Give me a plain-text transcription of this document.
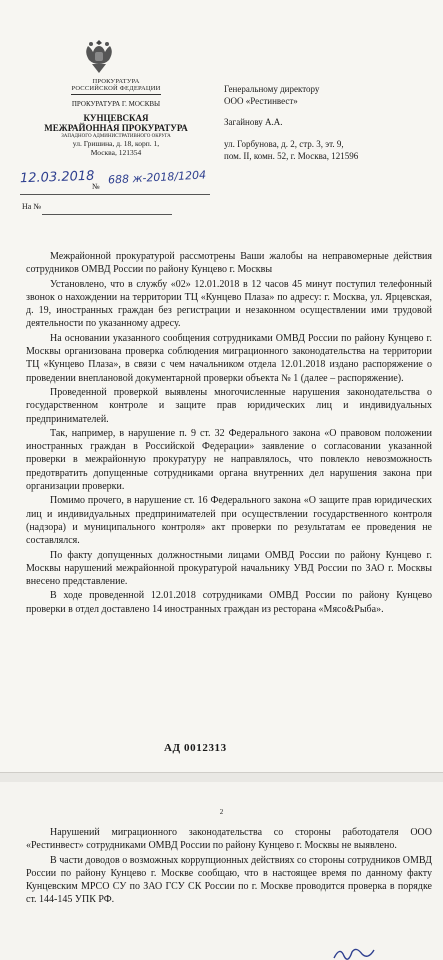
ПРОКУРАТУРА
РОССИЙСКОЙ ФЕДЕРАЦИИ
ПРОКУРАТУРА Г. МОСКВЫ
КУНЦЕВСКАЯ
МЕЖРАЙОННАЯ ПРОКУРАТУРА
ЗАПАДНОГО АДМИНИСТРАТИВНОГО ОКРУГА
ул. Гришина, д. 18, корп. 1,
Москва, 121354
12.03.2018
№ 688 ж-2018/1204
На №
Генеральному директору
ООО «Рестинвест»
Загайнову А.А.
ул. Горбунова, д. 2, стр. 3, эт. 9,
пом. II, комн. 52, г. Москва, 121596

Межрайонной прокуратурой рассмотрены Ваши жалобы на неправомерные действия сотрудников ОМВД России по району Кунцево г. Москвы

Установлено, что в службу «02» 12.01.2018 в 12 часов 45 минут поступил телефонный звонок о нахождении на территории ТЦ «Кунцево Плаза» по адресу: г. Москва, ул. Ярцевская, д. 19, иностранных граждан без регистрации и незаконном осуществлении ими трудовой деятельности по указанному адресу.

На основании указанного сообщения сотрудниками ОМВД России по району Кунцево г. Москвы организована проверка соблюдения миграционного законодательства на территории ТЦ «Кунцево Плаза», в связи с чем начальником отдела 12.01.2018 издано распоряжение о проведении внеплановой документарной проверки объекта № 1 (далее – распоряжение).

Проведенной проверкой выявлены многочисленные нарушения законодательства о государственном контроле и защите прав юридических лиц и индивидуальных предпринимателей.

Так, например, в нарушение п. 9 ст. 32 Федерального закона «О правовом положении иностранных граждан в Российской Федерации» заявление о согласовании указанной проверки в межрайонную прокуратуру не направлялось, что повлекло невозможность предотвратить допущенные сотрудниками органа внутренних дел нарушения закона при организации проверки.

Помимо прочего, в нарушение ст. 16 Федерального закона «О защите прав юридических лиц и индивидуальных предпринимателей при осуществлении государственного контроля (надзора) и муниципального контроля» акт проверки по результатам ее проведения не составлялся.

По факту допущенных должностными лицами ОМВД России по району Кунцево г. Москвы нарушений межрайонной прокуратурой начальнику УВД России по ЗАО г. Москвы внесено представление.

В ходе проведенной 12.01.2018 сотрудниками ОМВД России по району Кунцево проверки в отдел доставлено 14 иностранных граждан из ресторана «Мясо&Рыба».

АД 0012313
2

Нарушений миграционного законодательства со стороны работодателя ООО «Рестинвест» сотрудниками ОМВД России по району Кунцево г. Москвы не выявлено.

В части доводов о возможных коррупционных действиях со стороны сотрудников ОМВД России по району Кунцево г. Москве сообщаю, что в настоящее время по данному факту Кунцевским МРСО СУ по ЗАО ГСУ СК России по г. Москве проводится проверка в порядке ст. 144-145 УПК РФ.
